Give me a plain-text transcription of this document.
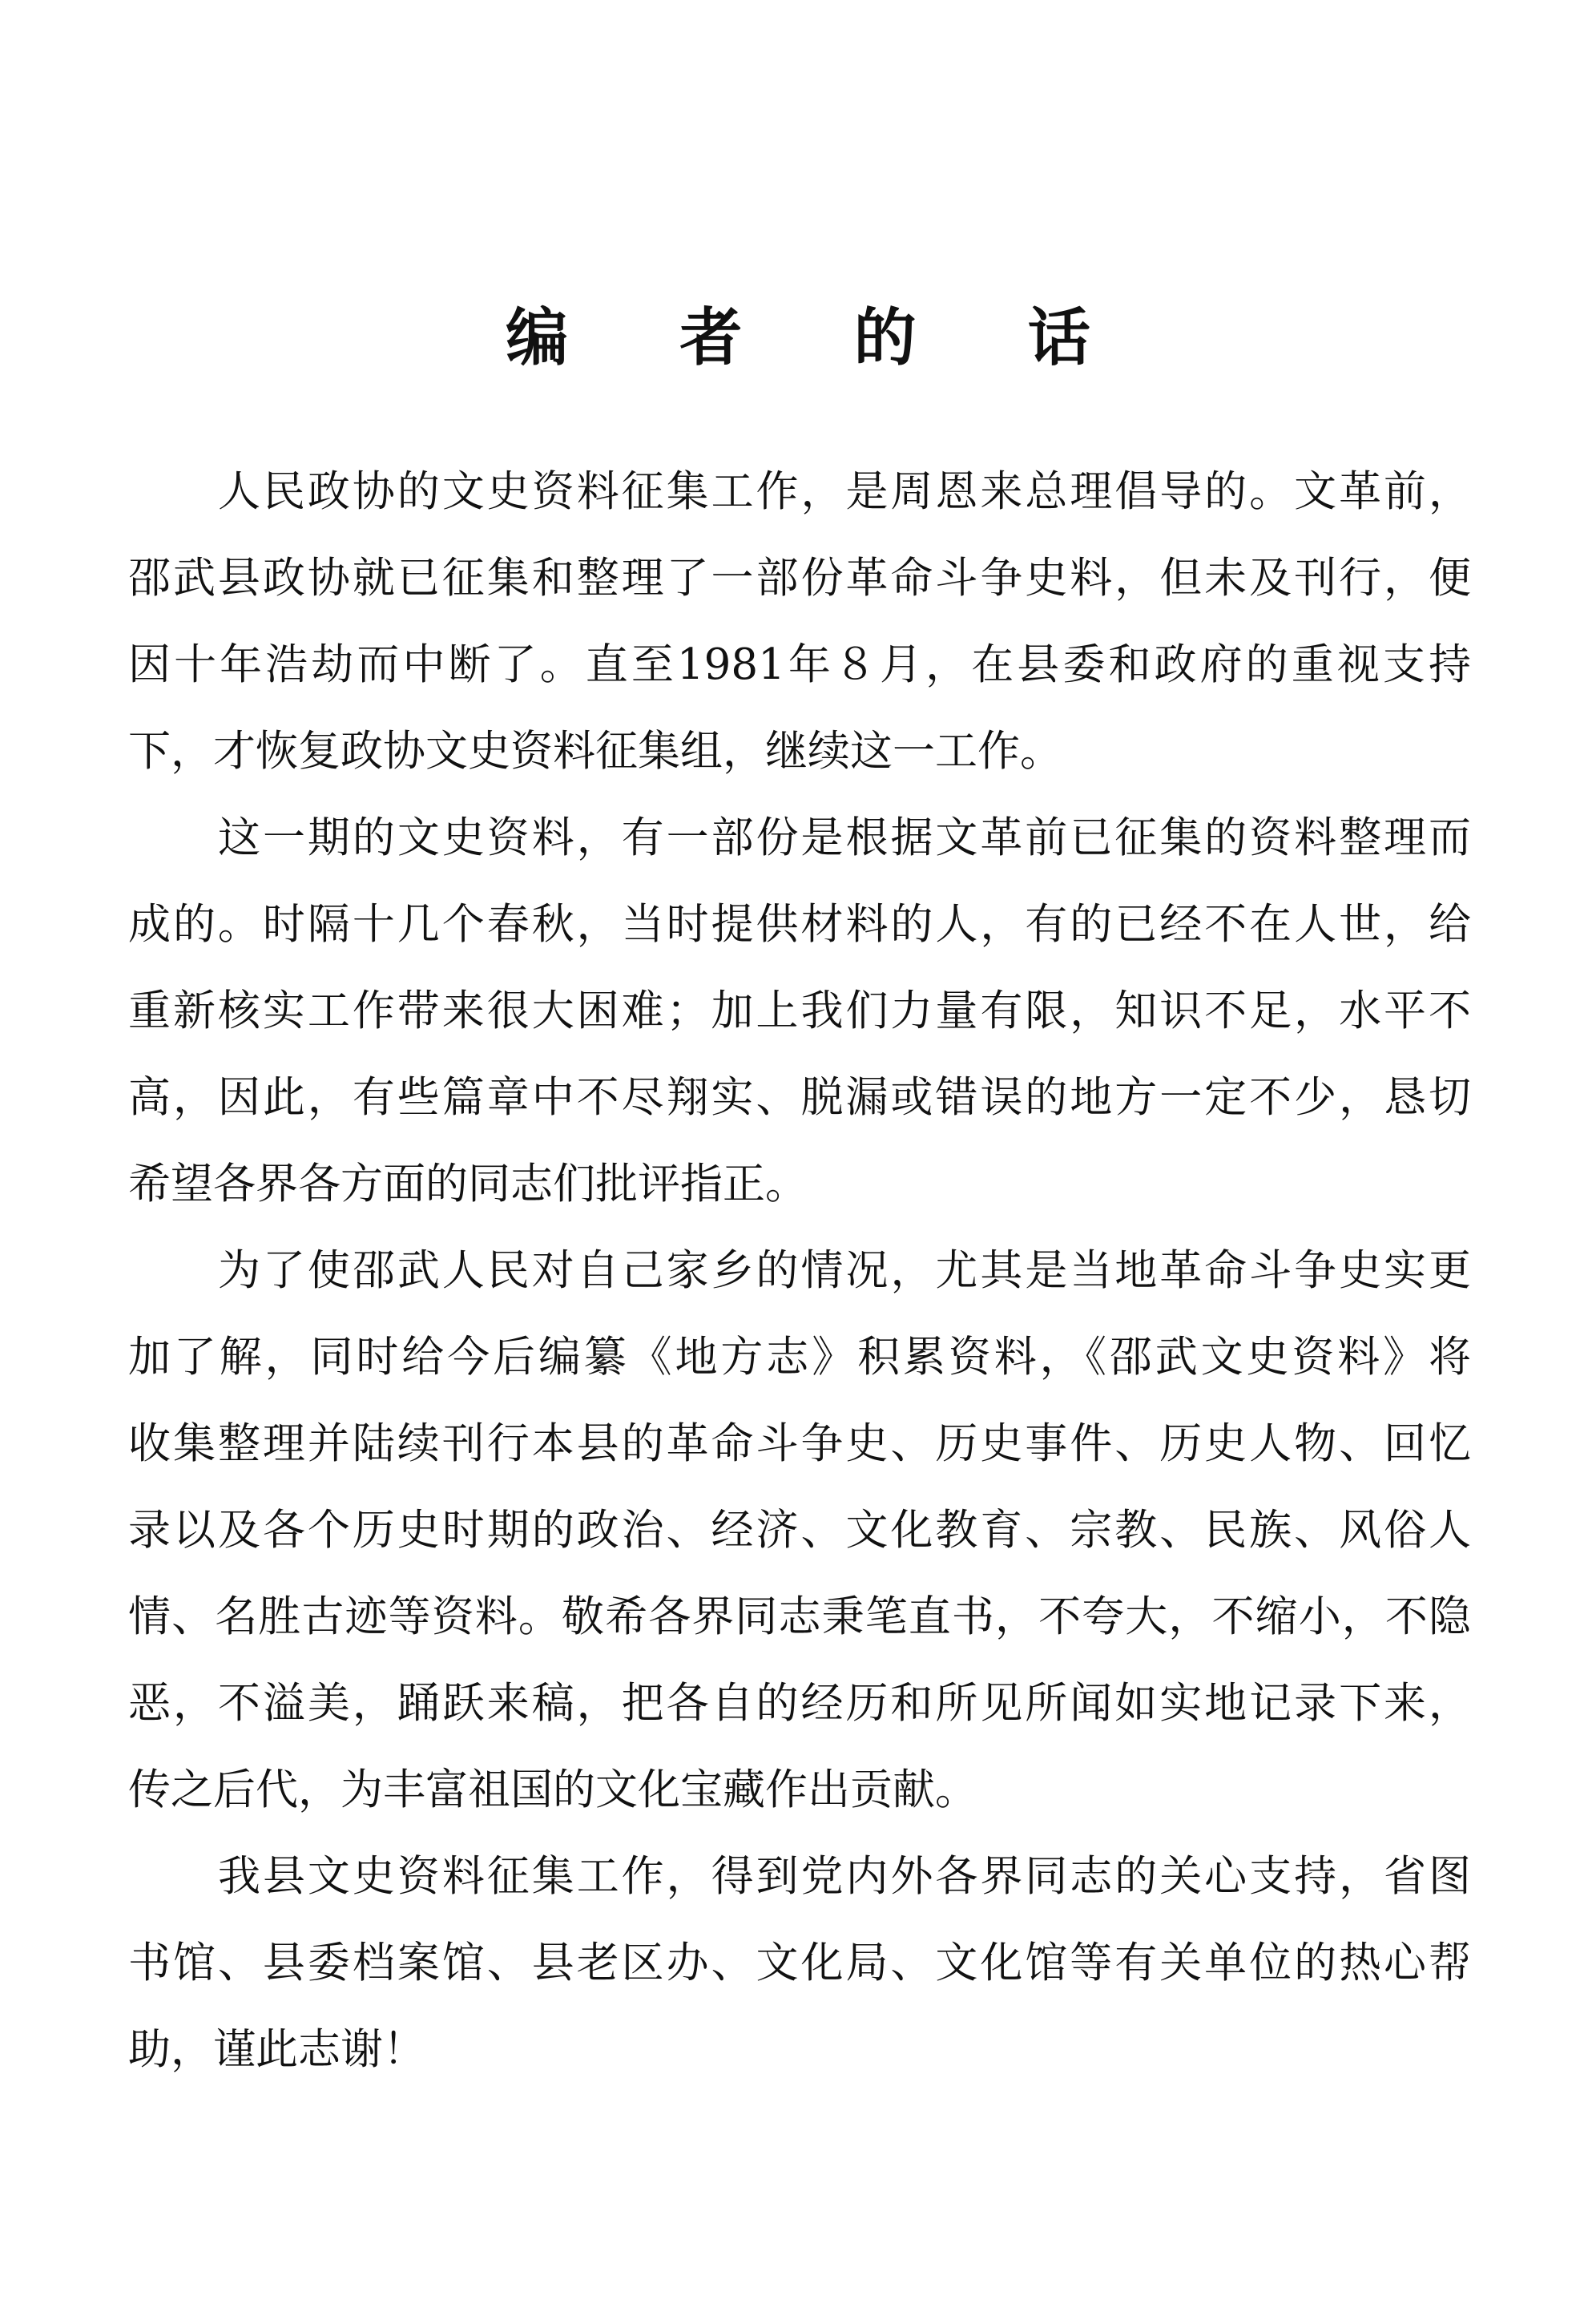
编 者 的 话
人民政协的文史资料征集工作，是周恩来总理倡导的。文革前，
邵武县政协就已征集和整理了一部份革命斗争史料，但未及刊行，便
因十年浩劫而中断了。直至1981年８月，在县委和政府的重视支持
下，才恢复政协文史资料征集组，继续这一工作。
这一期的文史资料，有一部份是根据文革前已征集的资料整理而
成的。时隔十几个春秋，当时提供材料的人，有的已经不在人世，给
重新核实工作带来很大困难；加上我们力量有限，知识不足，水平不
高，因此，有些篇章中不尽翔实、脱漏或错误的地方一定不少，恳切
希望各界各方面的同志们批评指正。
为了使邵武人民对自己家乡的情况，尤其是当地革命斗争史实更
加了解，同时给今后编纂《地方志》积累资料，《邵武文史资料》将
收集整理并陆续刊行本县的革命斗争史、历史事件、历史人物、回忆
录以及各个历史时期的政治、经济、文化教育、宗教、民族、风俗人
情、名胜古迹等资料。敬希各界同志秉笔直书，不夸大，不缩小，不隐
恶，不溢美，踊跃来稿，把各自的经历和所见所闻如实地记录下来，
传之后代，为丰富祖国的文化宝藏作出贡献。
我县文史资料征集工作，得到党内外各界同志的关心支持，省图
书馆、县委档案馆、县老区办、文化局、文化馆等有关单位的热心帮
助，谨此志谢！
